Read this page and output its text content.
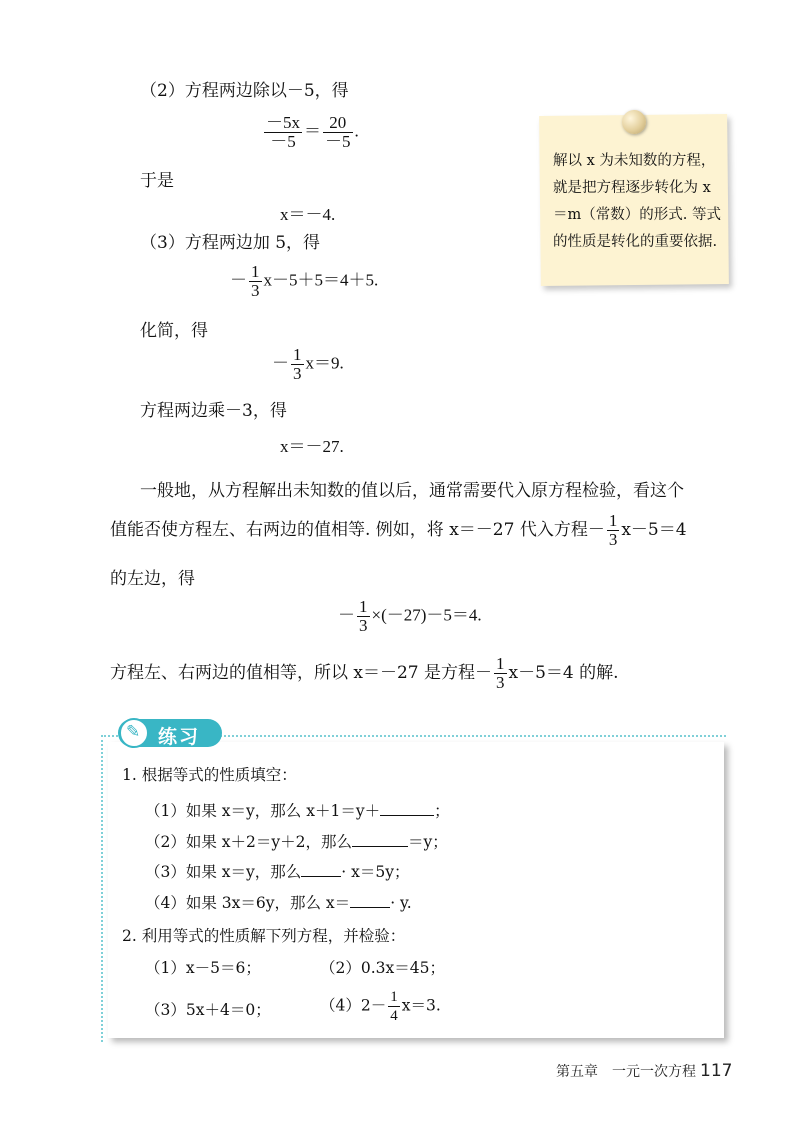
（2）方程两边除以－5，得
$\frac{-5x}{-5} = \frac{20}{-5}$ .
于是
x＝－4.
（3）方程两边加 5，得
－ $\frac{1}{3} x-5+5=4+5$.
化简，得
－ $\frac{1}{3} x=9$.
方程两边乘－3，得
x＝－27.
一般地，从方程解出未知数的值以后，通常需要代入原方程检验，看这个
值能否使方程左、右两边的值相等. 例如，将 x＝－27 代入方程－ $\frac{1}{3} x-5=4$
的左边，得
－ $\frac{1}{3} \times(-27)-5=4$.
方程左、右两边的值相等，所以 x＝－27 是方程－ $\frac{1}{3} x-5=4$ 的解.
解以 x 为未知数的方程，就是把方程逐步转化为 x＝m（常数）的形式. 等式的性质是转化的重要依据.
✎ 练习
1. 根据等式的性质填空：
（1）如果 x＝y，那么 x＋1＝y＋	；
（2）如果 x＋2＝y＋2，那么	＝y；
（3）如果 x＝y，那么	· x＝5y；
（4）如果 3x＝6y，那么 x＝	· y.
2. 利用等式的性质解下列方程，并检验：
（1）x－5＝6；	（2）0.3x＝45；
（3）5x＋4＝0；	$(4)2- \frac{1}{4} x=3$.
第五章　一元一次方程 117
